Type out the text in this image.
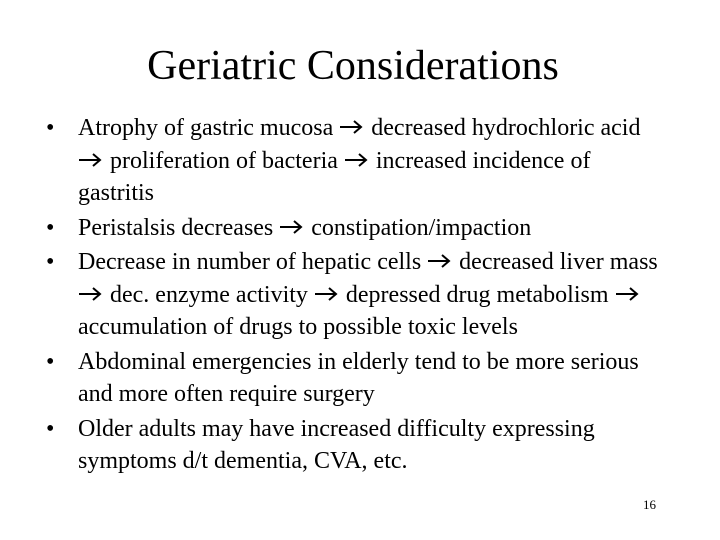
Geriatric Considerations
• Atrophy of gastric mucosa decreased hydrochloric acid  proliferation of bacteria increased incidence of gastritis
• Peristalsis decreases constipation/impaction
• Decrease in number of hepatic cells decreased liver mass  dec. enzyme activity depressed drug metabolism  accumulation of drugs to possible toxic levels
• Abdominal emergencies in elderly tend to be more serious and more often require surgery
• Older adults may have increased difficulty expressing symptoms d/t dementia, CVA, etc.
16
